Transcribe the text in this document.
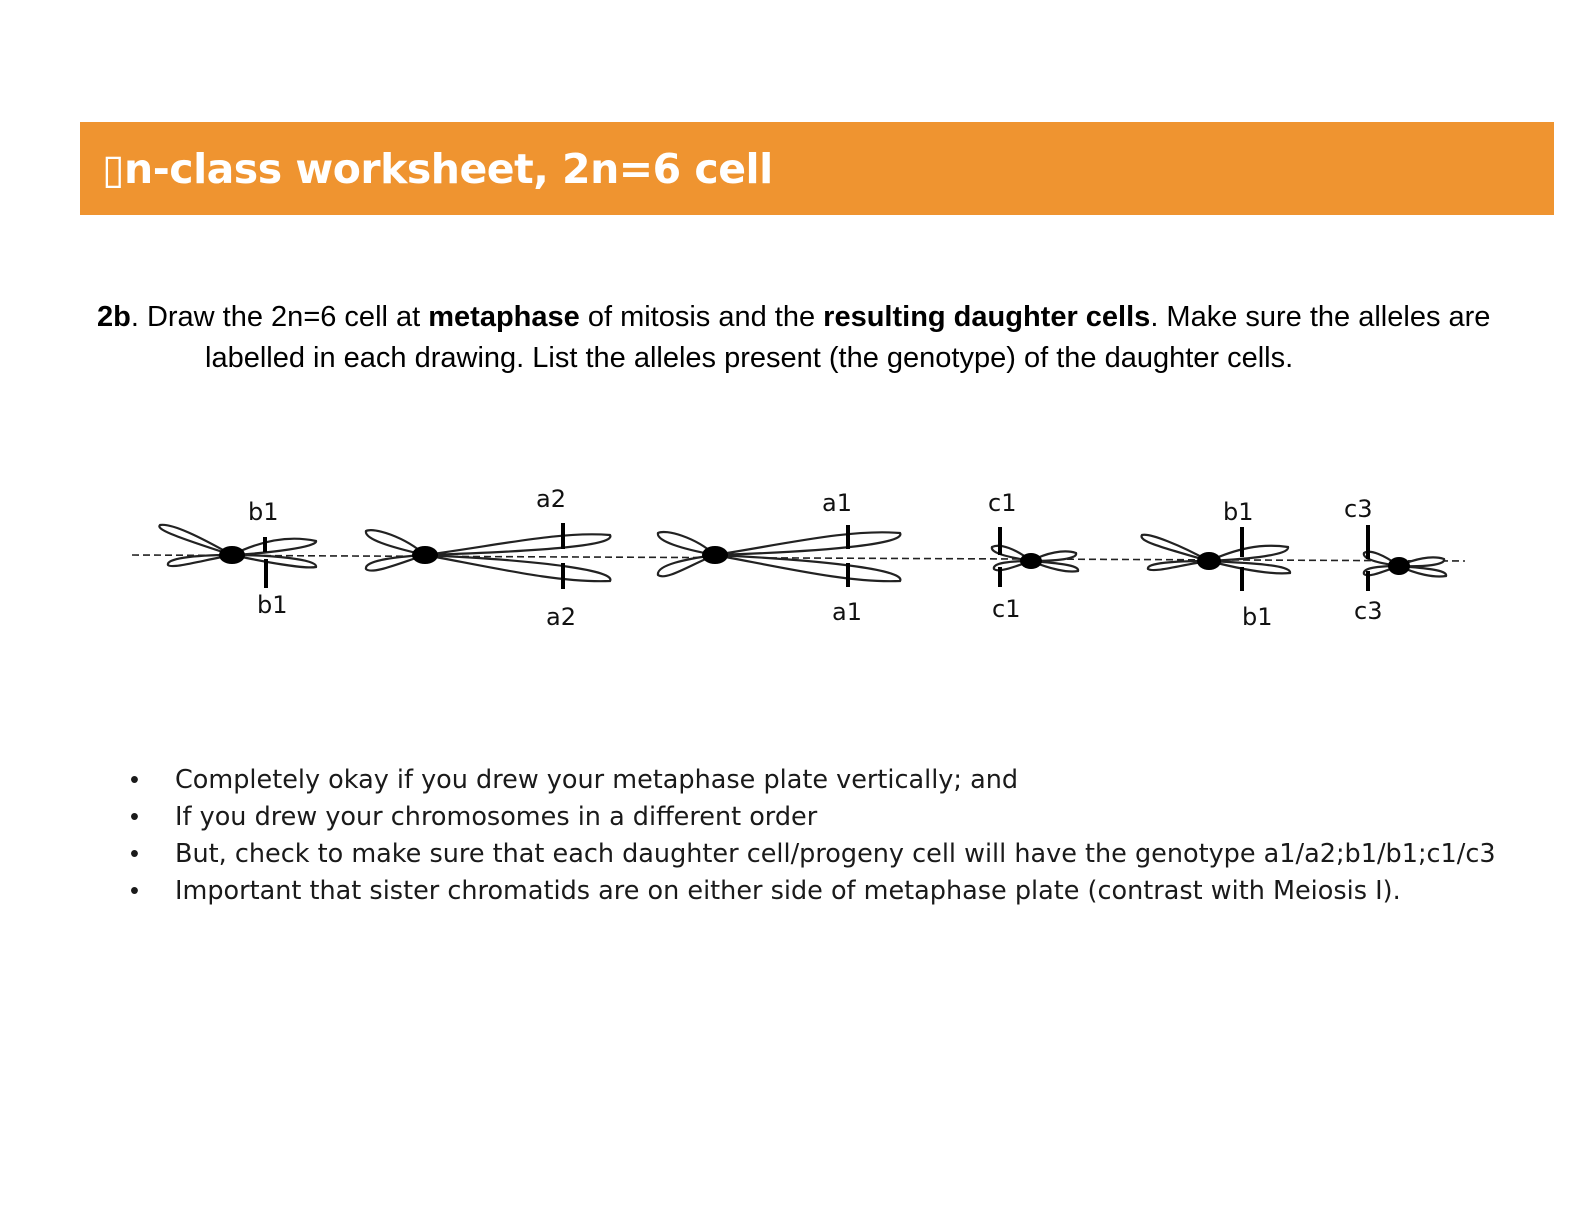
▯n-class worksheet, 2n=6 cell

2b. Draw the 2n=6 cell at metaphase of mitosis and the resulting daughter cells. Make sure the alleles are labelled in each drawing. List the alleles present (the genotype) of the daughter cells.

b1
b1
a2
a2
a1
a1
c1
c1
b1
b1
c3
c3
• Completely okay if you drew your metaphase plate vertically; and
• If you drew your chromosomes in a different order
• But, check to make sure that each daughter cell/progeny cell will have the genotype a1/a2;b1/b1;c1/c3
• Important that sister chromatids are on either side of metaphase plate (contrast with Meiosis I).
